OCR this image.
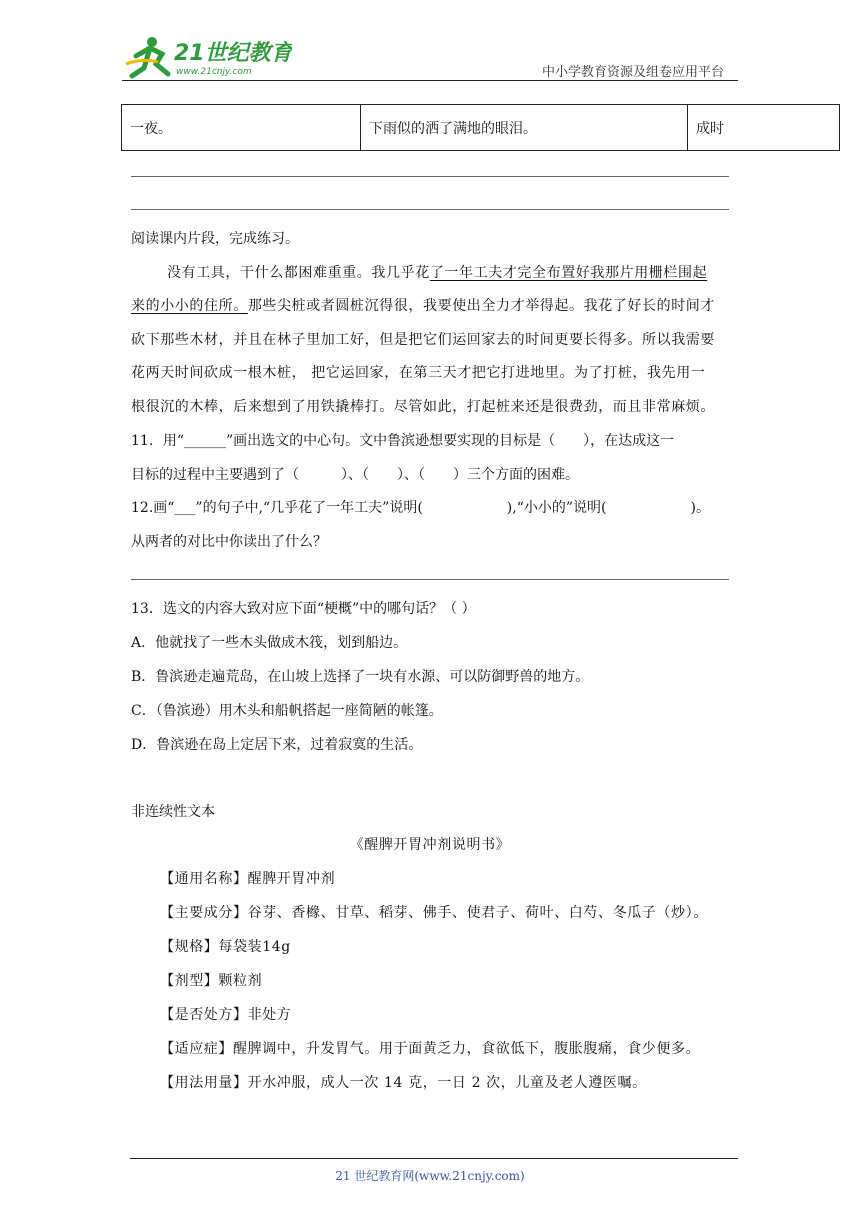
21世纪教育
www.21cnjy.com	中小学教育资源及组卷应用平台
一夜。	下雨似的洒了满地的眼泪。	成时
阅读课内片段，完成练习。
没有工具，干什么都困难重重。我几乎花了一年工夫才完全布置好我那片用栅栏围起
来的小小的住所。那些尖桩或者圆桩沉得很，我要使出全力才举得起。我花了好长的时间才
砍下那些木材，并且在林子里加工好，但是把它们运回家去的时间更要长得多。所以我需要
花两天时间砍成一根木桩， 把它运回家，在第三天才把它打进地里。为了打桩，我先用一
根很沉的木棒，后来想到了用铁撬棒打。尽管如此，打起桩来还是很费劲，而且非常麻烦。
11．用“______”画出选文的中心句。文中鲁滨逊想要实现的目标是（　　），在达成这一
目标的过程中主要遇到了（　　　）、（　　）、（　　）三个方面的困难。
12.画“___”的句子中,“几乎花了一年工夫”说明(　　　　　　),“小小的”说明(　　　　　　)。
从两者的对比中你读出了什么？
13．选文的内容大致对应下面“梗概”中的哪句话？（ ）
A．他就找了一些木头做成木筏，划到船边。
B．鲁滨逊走遍荒岛，在山坡上选择了一块有水源、可以防御野兽的地方。
C．（鲁滨逊）用木头和船帆搭起一座简陋的帐篷。
D．鲁滨逊在岛上定居下来，过着寂寞的生活。
非连续性文本
《醒脾开胃冲剂说明书》
【通用名称】醒脾开胃冲剂
【主要成分】谷芽、香橼、甘草、稻芽、佛手、使君子、荷叶、白芍、冬瓜子（炒）。
【规格】每袋装14g
【剂型】颗粒剂
【是否处方】非处方
【适应症】醒脾调中，升发胃气。用于面黄乏力，食欲低下，腹胀腹痛，食少便多。
【用法用量】开水冲服，成人一次 14 克，一日 2 次，儿童及老人遵医嘱。
21 世纪教育网(www.21cnjy.com)
